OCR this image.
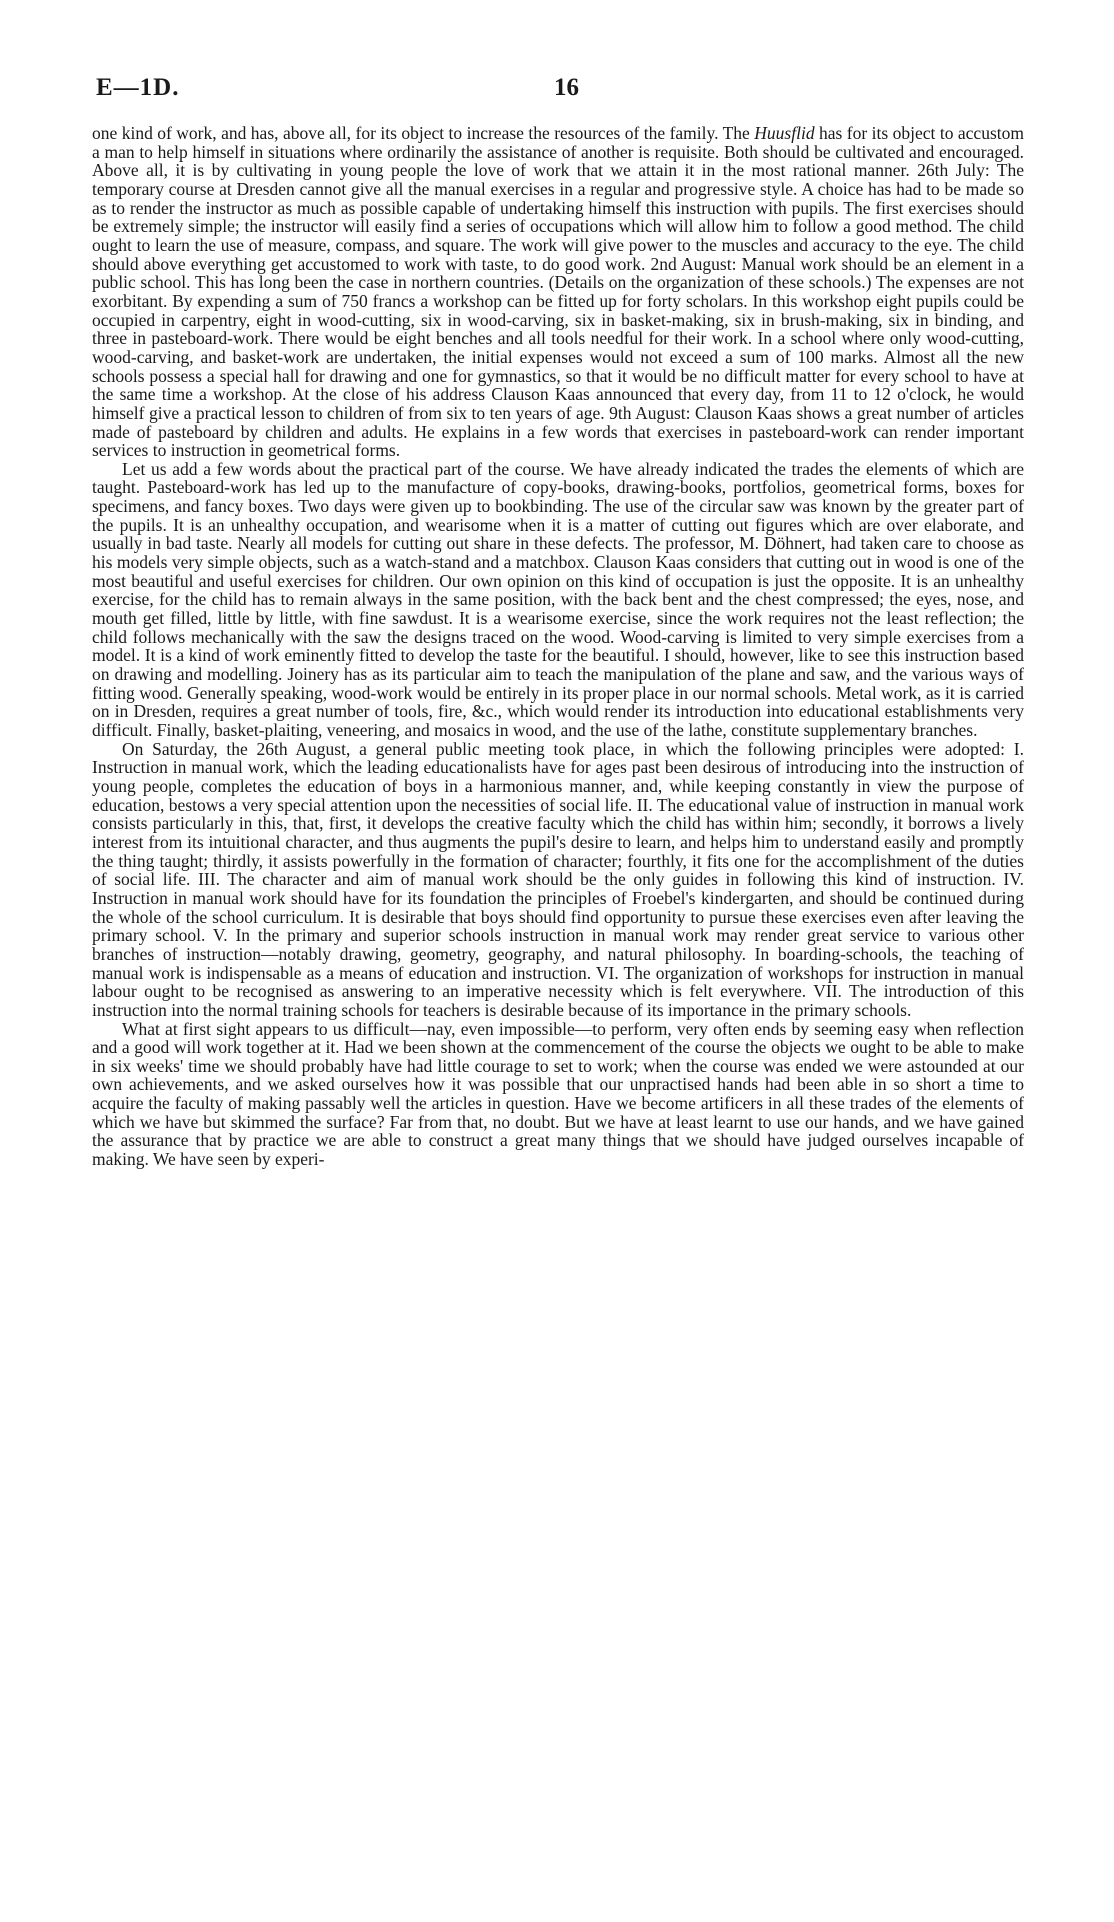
E—1D.	16

one kind of work, and has, above all, for its object to increase the resources of the family. The Huusflid has for its object to accustom a man to help himself in situations where ordinarily the assistance of another is requisite. Both should be cultivated and encouraged. Above all, it is by cultivating in young people the love of work that we attain it in the most rational manner. 26th July: The temporary course at Dresden cannot give all the manual exercises in a regular and progressive style. A choice has had to be made so as to render the instructor as much as possible capable of undertaking himself this instruction with pupils. The first exercises should be extremely simple; the instructor will easily find a series of occupations which will allow him to follow a good method. The child ought to learn the use of measure, compass, and square. The work will give power to the muscles and accuracy to the eye. The child should above everything get accustomed to work with taste, to do good work. 2nd August: Manual work should be an element in a public school. This has long been the case in northern countries. (Details on the organization of these schools.) The expenses are not exorbitant. By expending a sum of 750 francs a workshop can be fitted up for forty scholars. In this workshop eight pupils could be occupied in carpentry, eight in wood-cutting, six in wood-carving, six in basket-making, six in brush-making, six in binding, and three in pasteboard-work. There would be eight benches and all tools needful for their work. In a school where only wood-cutting, wood-carving, and basket-work are undertaken, the initial expenses would not exceed a sum of 100 marks. Almost all the new schools possess a special hall for drawing and one for gymnastics, so that it would be no difficult matter for every school to have at the same time a workshop. At the close of his address Clauson Kaas announced that every day, from 11 to 12 o'clock, he would himself give a practical lesson to children of from six to ten years of age. 9th August: Clauson Kaas shows a great number of articles made of pasteboard by children and adults. He explains in a few words that exercises in pasteboard-work can render important services to instruction in geometrical forms.

Let us add a few words about the practical part of the course. We have already indicated the trades the elements of which are taught. Pasteboard-work has led up to the manufacture of copy-books, drawing-books, portfolios, geometrical forms, boxes for specimens, and fancy boxes. Two days were given up to bookbinding. The use of the circular saw was known by the greater part of the pupils. It is an unhealthy occupation, and wearisome when it is a matter of cutting out figures which are over elaborate, and usually in bad taste. Nearly all models for cutting out share in these defects. The professor, M. Döhnert, had taken care to choose as his models very simple objects, such as a watch-stand and a matchbox. Clauson Kaas considers that cutting out in wood is one of the most beautiful and useful exercises for children. Our own opinion on this kind of occupation is just the opposite. It is an unhealthy exercise, for the child has to remain always in the same position, with the back bent and the chest compressed; the eyes, nose, and mouth get filled, little by little, with fine sawdust. It is a wearisome exercise, since the work requires not the least reflection; the child follows mechanically with the saw the designs traced on the wood. Wood-carving is limited to very simple exercises from a model. It is a kind of work eminently fitted to develop the taste for the beautiful. I should, however, like to see this instruction based on drawing and modelling. Joinery has as its particular aim to teach the manipulation of the plane and saw, and the various ways of fitting wood. Generally speaking, wood-work would be entirely in its proper place in our normal schools. Metal work, as it is carried on in Dresden, requires a great number of tools, fire, &c., which would render its introduction into educational establishments very difficult. Finally, basket-plaiting, veneering, and mosaics in wood, and the use of the lathe, constitute supplementary branches.

On Saturday, the 26th August, a general public meeting took place, in which the following principles were adopted: I. Instruction in manual work, which the leading educationalists have for ages past been desirous of introducing into the instruction of young people, completes the education of boys in a harmonious manner, and, while keeping constantly in view the purpose of education, bestows a very special attention upon the necessities of social life. II. The educational value of instruction in manual work consists particularly in this, that, first, it develops the creative faculty which the child has within him; secondly, it borrows a lively interest from its intuitional character, and thus augments the pupil's desire to learn, and helps him to understand easily and promptly the thing taught; thirdly, it assists powerfully in the formation of character; fourthly, it fits one for the accomplishment of the duties of social life. III. The character and aim of manual work should be the only guides in following this kind of instruction. IV. Instruction in manual work should have for its foundation the principles of Froebel's kindergarten, and should be continued during the whole of the school curriculum. It is desirable that boys should find opportunity to pursue these exercises even after leaving the primary school. V. In the primary and superior schools instruction in manual work may render great service to various other branches of instruction—notably drawing, geometry, geography, and natural philosophy. In boarding-schools, the teaching of manual work is indispensable as a means of education and instruction. VI. The organization of workshops for instruction in manual labour ought to be recognised as answering to an imperative necessity which is felt everywhere. VII. The introduction of this instruction into the normal training schools for teachers is desirable because of its importance in the primary schools.

What at first sight appears to us difficult—nay, even impossible—to perform, very often ends by seeming easy when reflection and a good will work together at it. Had we been shown at the commencement of the course the objects we ought to be able to make in six weeks' time we should probably have had little courage to set to work; when the course was ended we were astounded at our own achievements, and we asked ourselves how it was possible that our unpractised hands had been able in so short a time to acquire the faculty of making passably well the articles in question. Have we become artificers in all these trades of the elements of which we have but skimmed the surface? Far from that, no doubt. But we have at least learnt to use our hands, and we have gained the assurance that by practice we are able to construct a great many things that we should have judged ourselves incapable of making. We have seen by experi-
